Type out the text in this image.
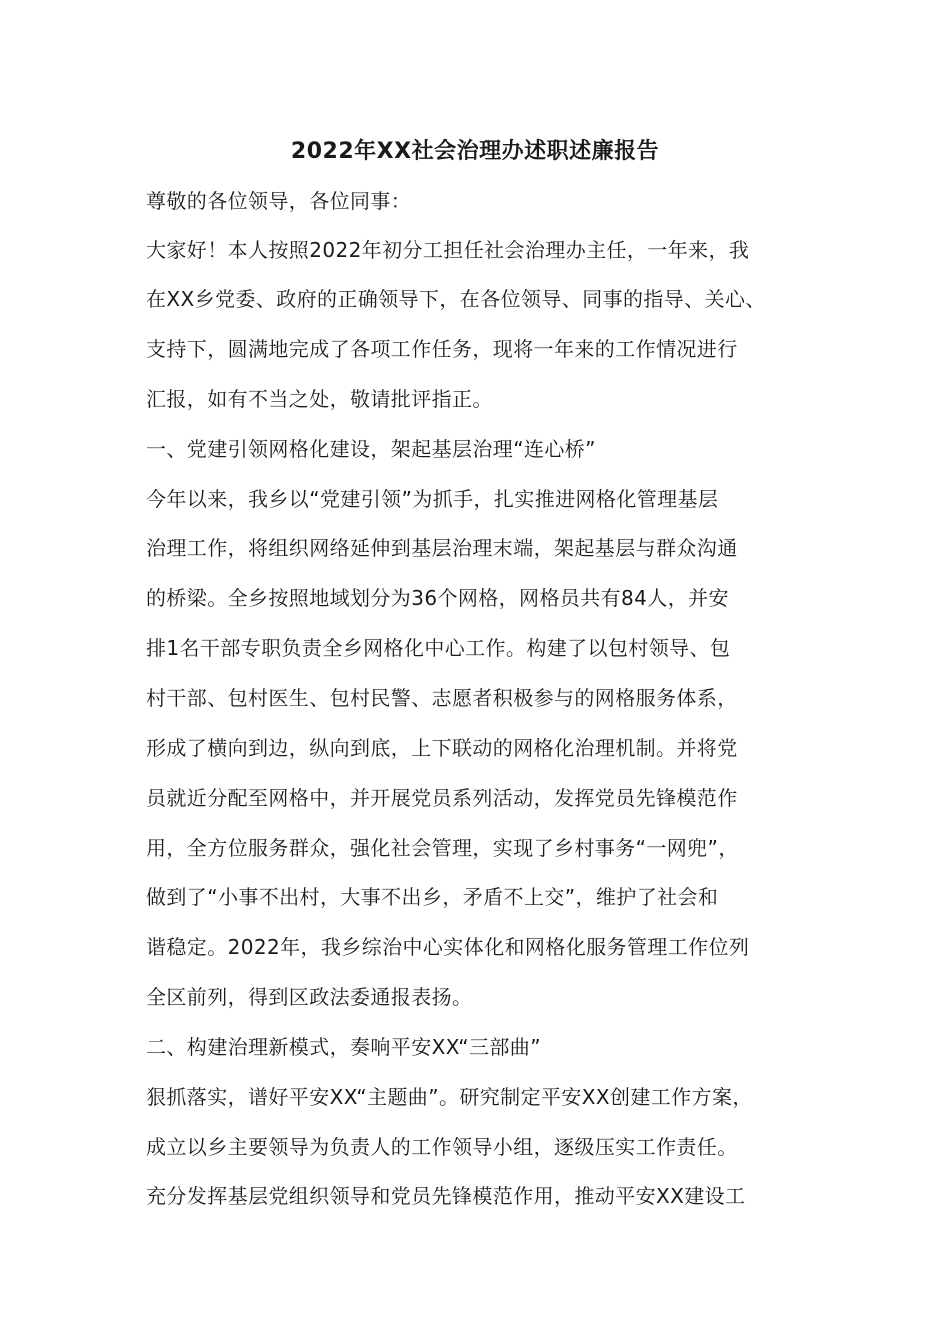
2022年XX社会治理办述职述廉报告
尊敬的各位领导，各位同事：
大家好！本人按照2022年初分工担任社会治理办主任，一年来，我
在XX乡党委、政府的正确领导下，在各位领导、同事的指导、关心、
支持下，圆满地完成了各项工作任务，现将一年来的工作情况进行
汇报，如有不当之处，敬请批评指正。
一、党建引领网格化建设，架起基层治理“连心桥”
今年以来，我乡以“党建引领”为抓手，扎实推进网格化管理基层
治理工作，将组织网络延伸到基层治理末端，架起基层与群众沟通
的桥梁。全乡按照地域划分为36个网格，网格员共有84人，并安
排1名干部专职负责全乡网格化中心工作。构建了以包村领导、包
村干部、包村医生、包村民警、志愿者积极参与的网格服务体系，
形成了横向到边，纵向到底，上下联动的网格化治理机制。并将党
员就近分配至网格中，并开展党员系列活动，发挥党员先锋模范作
用，全方位服务群众，强化社会管理，实现了乡村事务“一网兜”，
做到了“小事不出村，大事不出乡，矛盾不上交”，维护了社会和
谐稳定。2022年，我乡综治中心实体化和网格化服务管理工作位列
全区前列，得到区政法委通报表扬。
二、构建治理新模式，奏响平安XX“三部曲”
狠抓落实，谱好平安XX“主题曲”。研究制定平安XX创建工作方案，
成立以乡主要领导为负责人的工作领导小组，逐级压实工作责任。
充分发挥基层党组织领导和党员先锋模范作用，推动平安XX建设工
